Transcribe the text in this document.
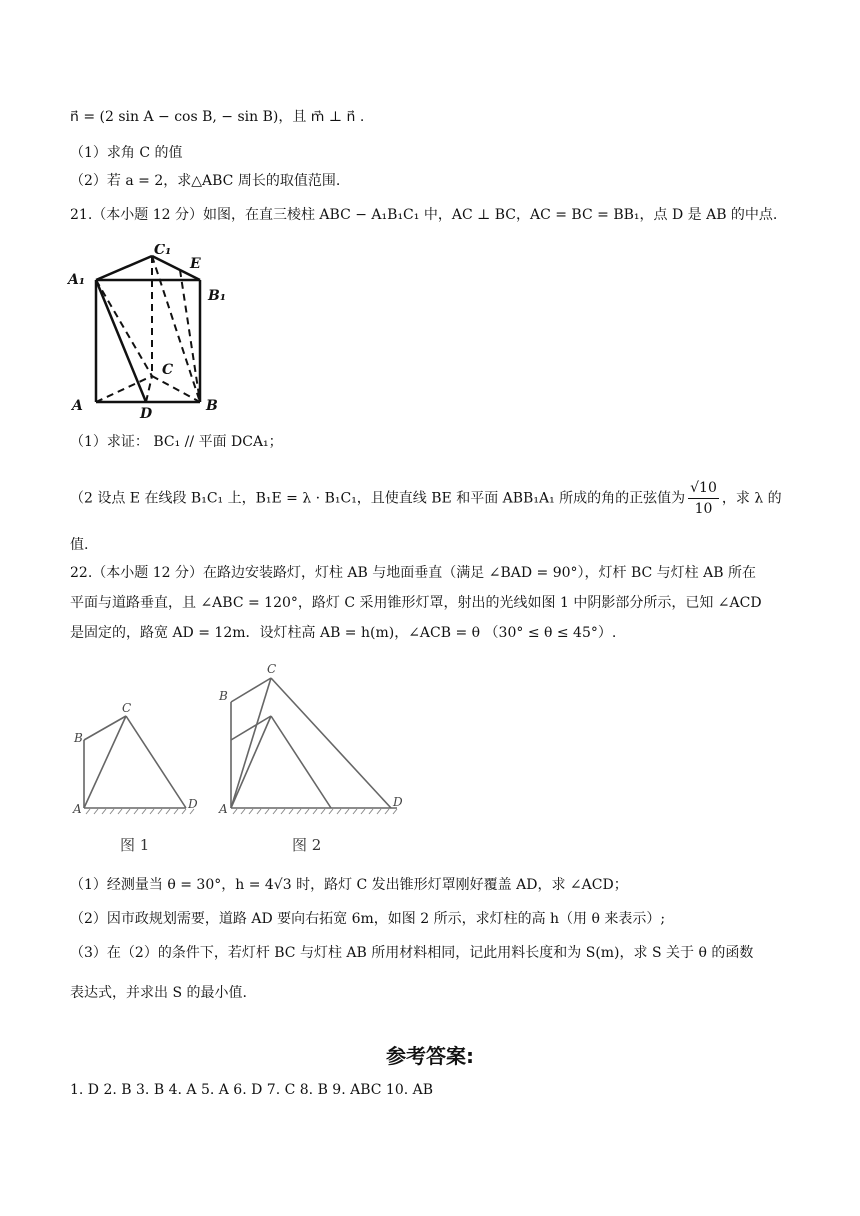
n⃗ = (2 sin A − cos B, − sin B)，且 m⃗ ⊥ n⃗ .
（1）求角 C 的值
（2）若 a = 2，求△ABC 周长的取值范围.
21.（本小题 12 分）如图，在直三棱柱 ABC − A₁B₁C₁ 中，AC ⊥ BC，AC = BC = BB₁，点 D 是 AB 的中点.
A₁
C₁
E
B₁
C
A	D	B
（1）求证： BC₁ // 平面 DCA₁；
（2 设点 E 在线段 B₁C₁ 上，B₁E = λ · B₁C₁，且使直线 BE 和平面 ABB₁A₁ 所成的角的正弦值为 $\frac{√10}{10}$ ，求 λ 的
值.
22.（本小题 12 分）在路边安装路灯，灯柱 AB 与地面垂直（满足 ∠BAD = 90°），灯杆 BC 与灯柱 AB 所在
平面与道路垂直，且 ∠ABC = 120°，路灯 C 采用锥形灯罩，射出的光线如图 1 中阴影部分所示，已知 ∠ACD
是固定的，路宽 AD = 12m．设灯柱高 AB = h(m)，∠ACB = θ （30° ≤ θ ≤ 45°）.
B
C
A	D
图 1
B
C
A	D
图 2
（1）经测量当 θ = 30°，h = 4√3 时，路灯 C 发出锥形灯罩刚好覆盖 AD，求 ∠ACD；
（2）因市政规划需要，道路 AD 要向右拓宽 6m，如图 2 所示，求灯柱的高 h（用 θ 来表示）;
（3）在（2）的条件下，若灯杆 BC 与灯柱 AB 所用材料相同，记此用料长度和为 S(m)，求 S 关于 θ 的函数
表达式，并求出 S 的最小值.
参考答案:
1. D 2. B 3. B 4. A 5. A 6. D 7. C 8. B 9. ABC 10. AB
